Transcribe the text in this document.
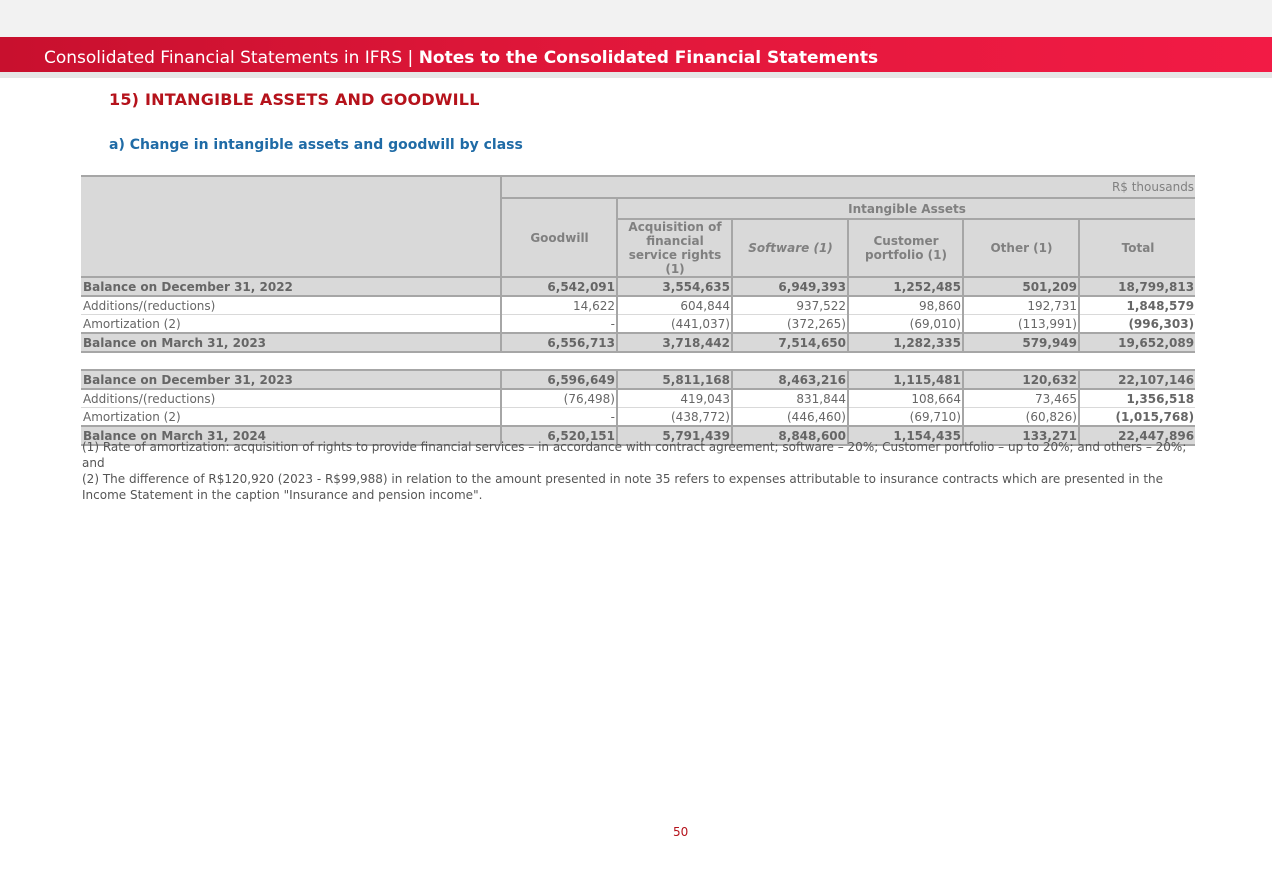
Consolidated Financial Statements in IFRS | Notes to the Consolidated Financial Statements
15) INTANGIBLE ASSETS AND GOODWILL
a) Change in intangible assets and goodwill by class
	R$ thousands					
	Goodwill	Intangible Assets				
		Acquisition of financial service rights (1)	Software (1)	Customer portfolio (1)	Other (1)	Total

Balance on December 31, 2022	6,542,091	3,554,635	6,949,393	1,252,485	501,209	18,799,813
Additions/(reductions)	14,622	604,844	937,522	98,860	192,731	1,848,579
Amortization (2)	-	(441,037)	(372,265)	(69,010)	(113,991)	(996,303)
Balance on March 31, 2023	6,556,713	3,718,442	7,514,650	1,282,335	579,949	19,652,089

Balance on December 31, 2023	6,596,649	5,811,168	8,463,216	1,115,481	120,632	22,107,146
Additions/(reductions)	(76,498)	419,043	831,844	108,664	73,465	1,356,518
Amortization (2)	-	(438,772)	(446,460)	(69,710)	(60,826)	(1,015,768)
Balance on March 31, 2024	6,520,151	5,791,439	8,848,600	1,154,435	133,271	22,447,896

(1) Rate of amortization: acquisition of rights to provide financial services – in accordance with contract agreement; software – 20%; Customer portfolio – up to 20%; and others – 20%; and

(2) The difference of R$120,920 (2023 - R$99,988) in relation to the amount presented in note 35 refers to expenses attributable to insurance contracts which are presented in the Income Statement in the caption "Insurance and pension income".

50
